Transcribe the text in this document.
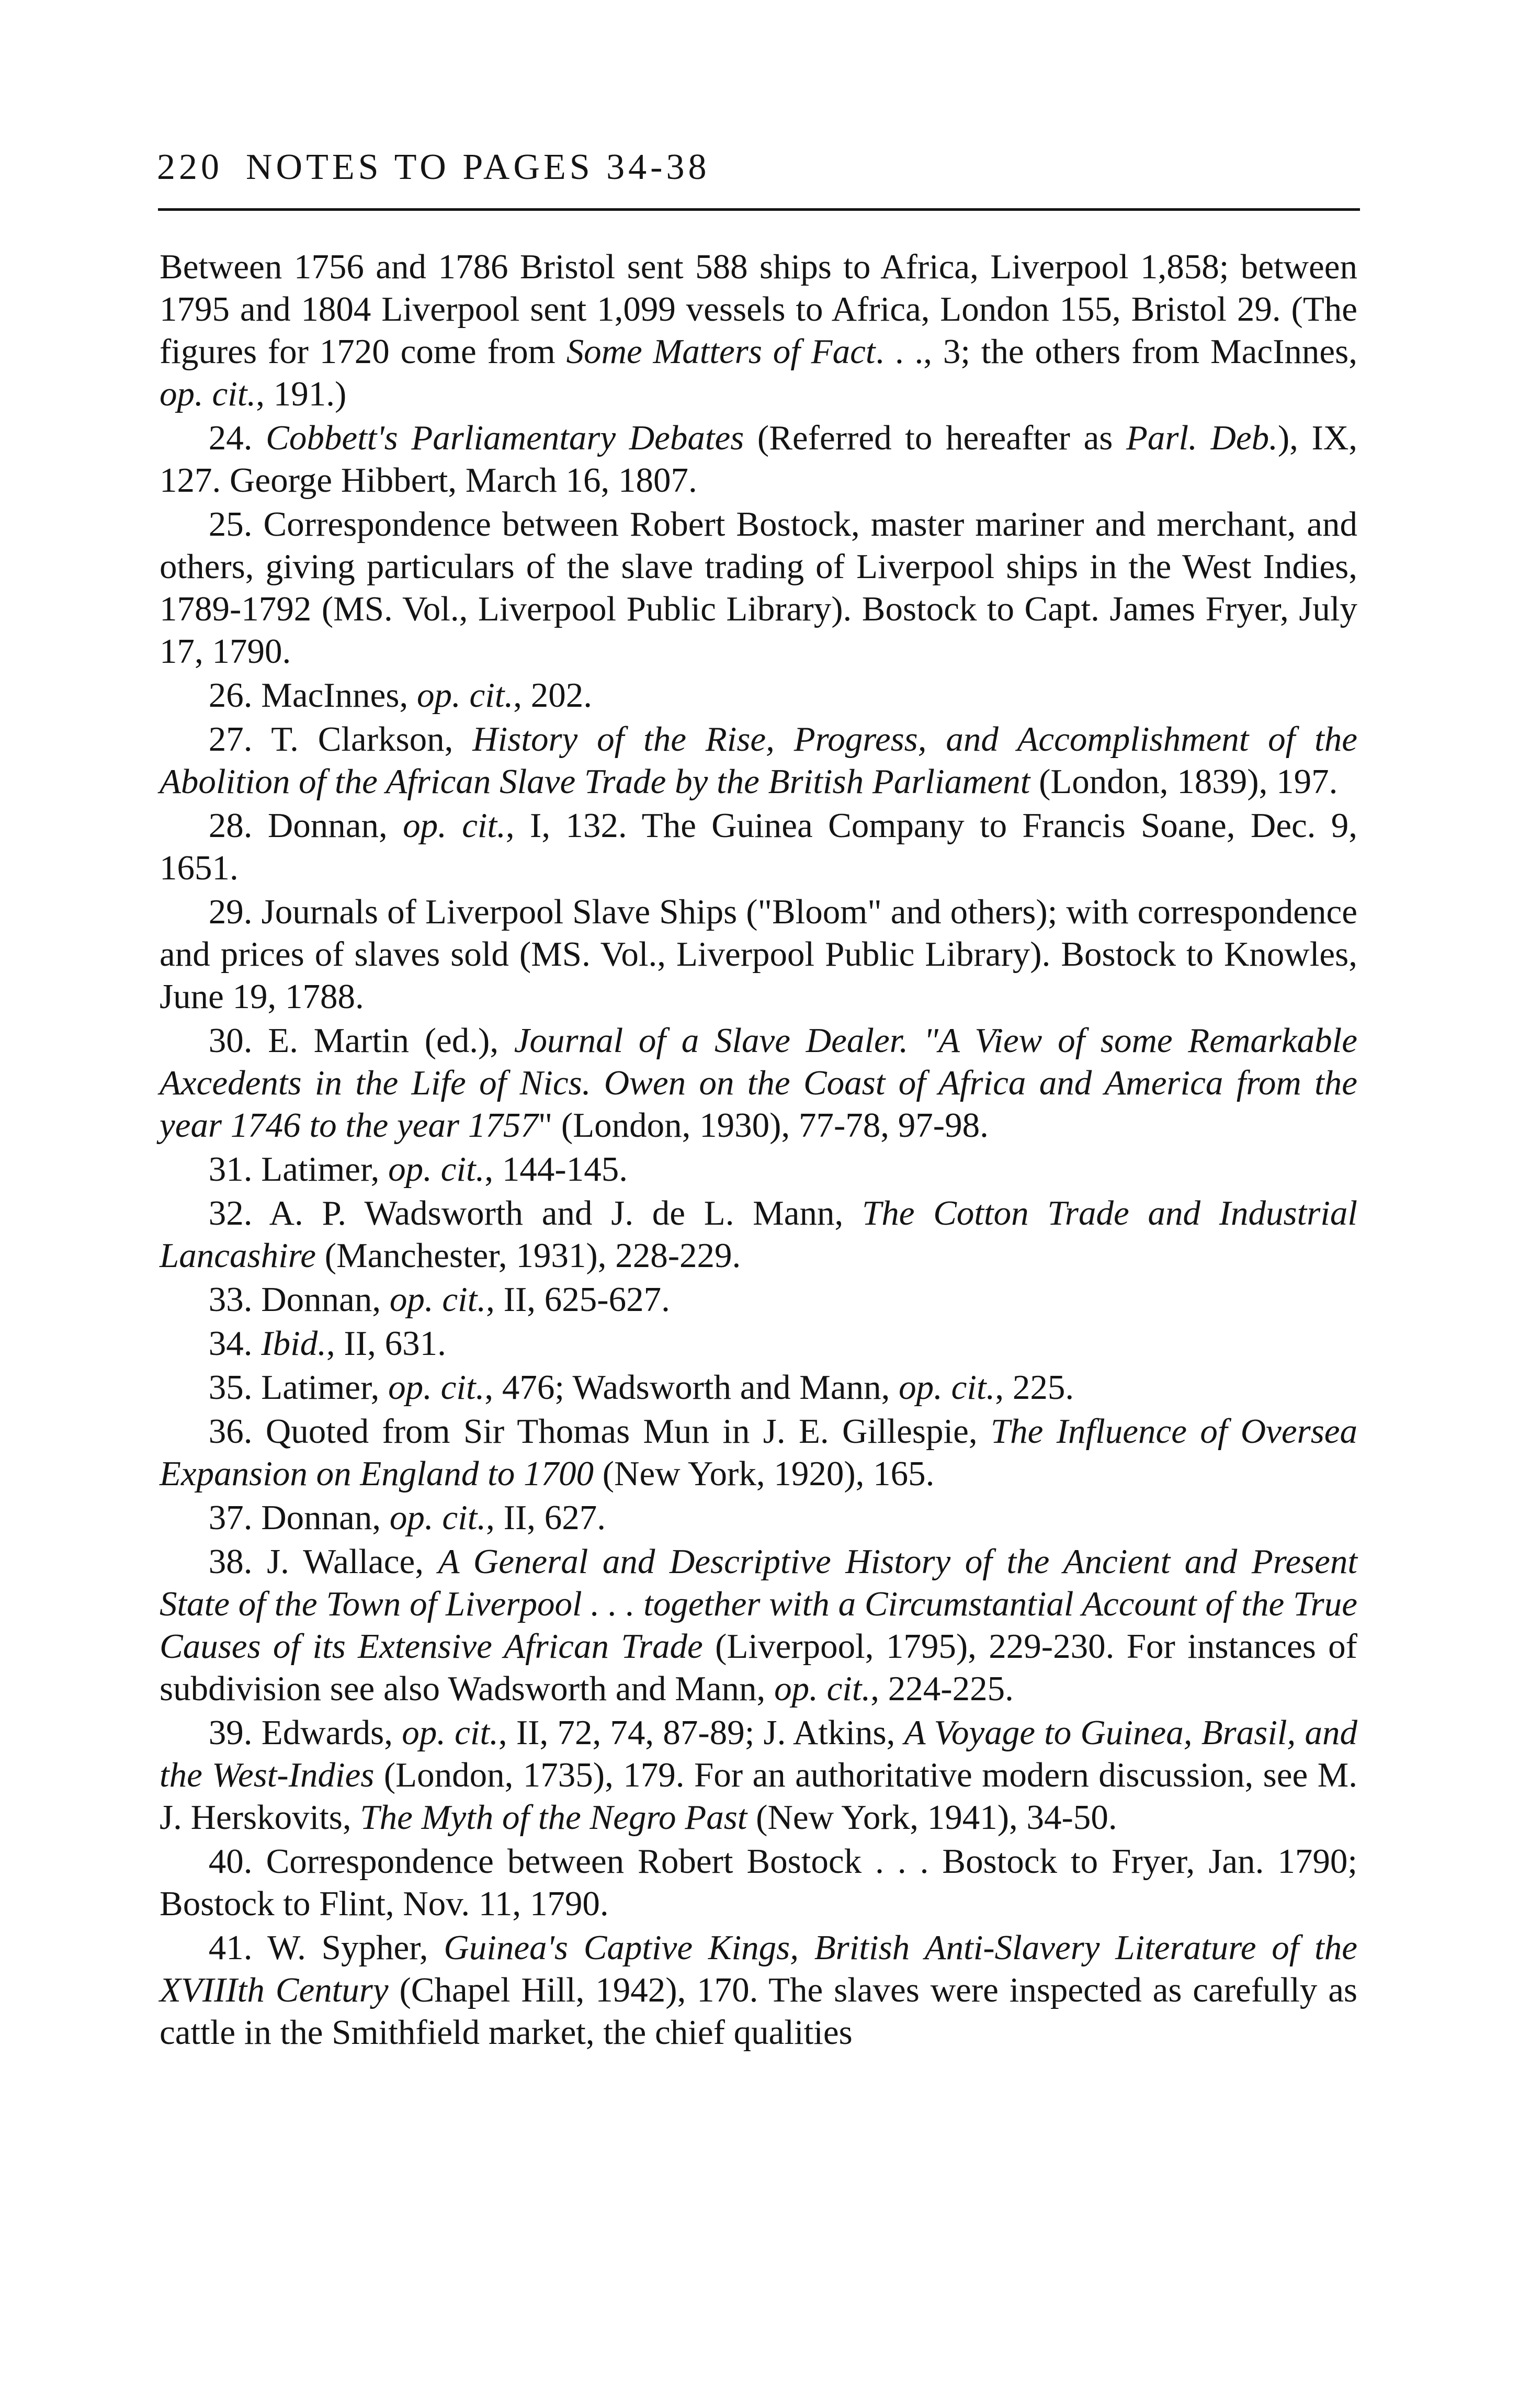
220 NOTES TO PAGES 34-38

Between 1756 and 1786 Bristol sent 588 ships to Africa, Liverpool 1,858; between 1795 and 1804 Liverpool sent 1,099 vessels to Africa, London 155, Bristol 29. (The figures for 1720 come from Some Matters of Fact. . ., 3; the others from MacInnes, op. cit., 191.)

24. Cobbett's Parliamentary Debates (Referred to hereafter as Parl. Deb.), IX, 127. George Hibbert, March 16, 1807.

25. Correspondence between Robert Bostock, master mariner and merchant, and others, giving particulars of the slave trading of Liverpool ships in the West Indies, 1789-1792 (MS. Vol., Liverpool Public Library). Bostock to Capt. James Fryer, July 17, 1790.

26. MacInnes, op. cit., 202.

27. T. Clarkson, History of the Rise, Progress, and Accomplishment of the Abolition of the African Slave Trade by the British Parliament (London, 1839), 197.

28. Donnan, op. cit., I, 132. The Guinea Company to Francis Soane, Dec. 9, 1651.

29. Journals of Liverpool Slave Ships ("Bloom" and others); with correspondence and prices of slaves sold (MS. Vol., Liverpool Public Library). Bostock to Knowles, June 19, 1788.

30. E. Martin (ed.), Journal of a Slave Dealer. "A View of some Remarkable Axcedents in the Life of Nics. Owen on the Coast of Africa and America from the year 1746 to the year 1757" (London, 1930), 77-78, 97-98.

31. Latimer, op. cit., 144-145.

32. A. P. Wadsworth and J. de L. Mann, The Cotton Trade and Industrial Lancashire (Manchester, 1931), 228-229.

33. Donnan, op. cit., II, 625-627.

34. Ibid., II, 631.

35. Latimer, op. cit., 476; Wadsworth and Mann, op. cit., 225.

36. Quoted from Sir Thomas Mun in J. E. Gillespie, The Influence of Oversea Expansion on England to 1700 (New York, 1920), 165.

37. Donnan, op. cit., II, 627.

38. J. Wallace, A General and Descriptive History of the Ancient and Present State of the Town of Liverpool . . . together with a Circumstantial Account of the True Causes of its Extensive African Trade (Liverpool, 1795), 229-230. For instances of subdivision see also Wadsworth and Mann, op. cit., 224-225.

39. Edwards, op. cit., II, 72, 74, 87-89; J. Atkins, A Voyage to Guinea, Brasil, and the West-Indies (London, 1735), 179. For an authoritative modern discussion, see M. J. Herskovits, The Myth of the Negro Past (New York, 1941), 34-50.

40. Correspondence between Robert Bostock . . . Bostock to Fryer, Jan. 1790; Bostock to Flint, Nov. 11, 1790.

41. W. Sypher, Guinea's Captive Kings, British Anti-Slavery Literature of the XVIIIth Century (Chapel Hill, 1942), 170. The slaves were inspected as carefully as cattle in the Smithfield market, the chief qualities
